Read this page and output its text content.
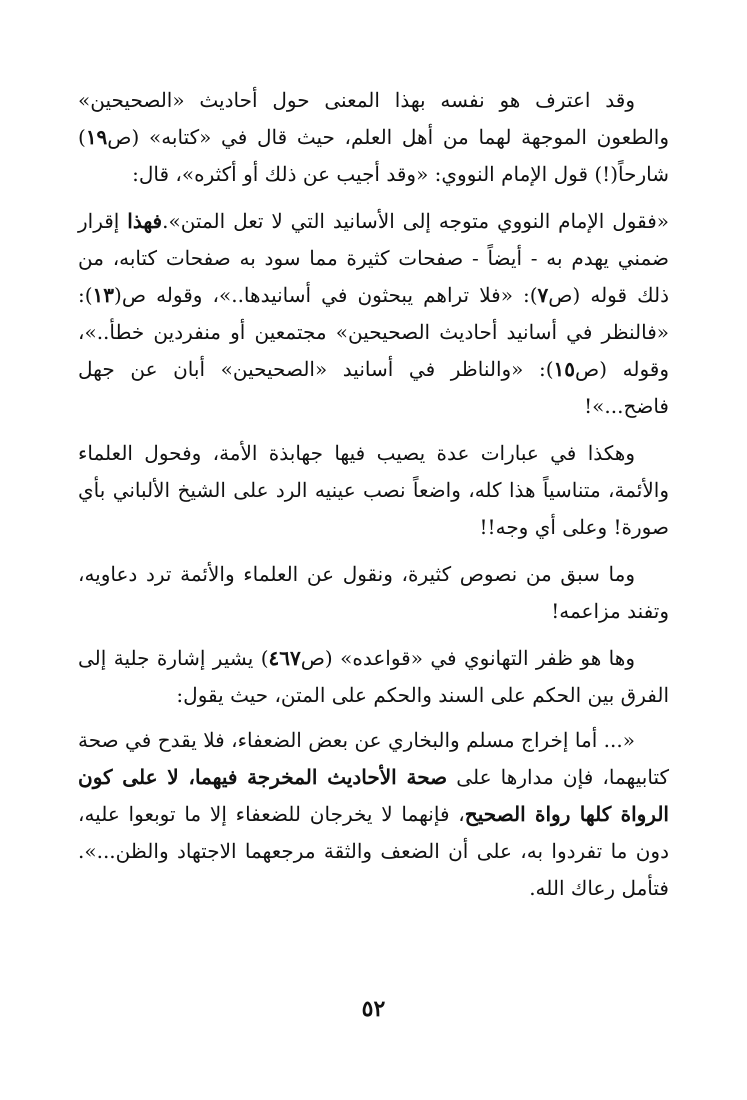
وقد اعترف هو نفسه بهذا المعنى حول أحاديث «الصحيحين» والطعون الموجهة لهما من أهل العلم، حيث قال في «كتابه» (ص١٩) شارحاً(!) قول الإمام النووي: «وقد أجيب عن ذلك أو أكثره»، قال:

«فقول الإمام النووي متوجه إلى الأسانيد التي لا تعل المتن».فهذا إقرار ضمني يهدم به - أيضاً - صفحات كثيرة مما سود به صفحات كتابه، من ذلك قوله (ص٧): «فلا تراهم يبحثون في أسانيدها..»، وقوله ص(١٣): «فالنظر في أسانيد أحاديث الصحيحين» مجتمعين أو منفردين خطأ..»، وقوله (ص١٥): «والناظر في أسانيد «الصحيحين» أبان عن جهل فاضح...»!

وهكذا في عبارات عدة يصيب فيها جهابذة الأمة، وفحول العلماء والأئمة، متناسياً هذا كله، واضعاً نصب عينيه الرد على الشيخ الألباني بأي صورة! وعلى أي وجه!!

وما سبق من نصوص كثيرة، ونقول عن العلماء والأئمة ترد دعاويه، وتفند مزاعمه!

وها هو ظفر التهانوي في «قواعده» (ص٤٦٧) يشير إشارة جلية إلى الفرق بين الحكم على السند والحكم على المتن، حيث يقول:

«... أما إخراج مسلم والبخاري عن بعض الضعفاء، فلا يقدح في صحة كتابيهما، فإن مدارها على صحة الأحاديث المخرجة فيهما، لا على كون الرواة كلها رواة الصحيح، فإنهما لا يخرجان للضعفاء إلا ما توبعوا عليه، دون ما تفردوا به، على أن الضعف والثقة مرجعهما الاجتهاد والظن...». فتأمل رعاك الله.

٥٢
